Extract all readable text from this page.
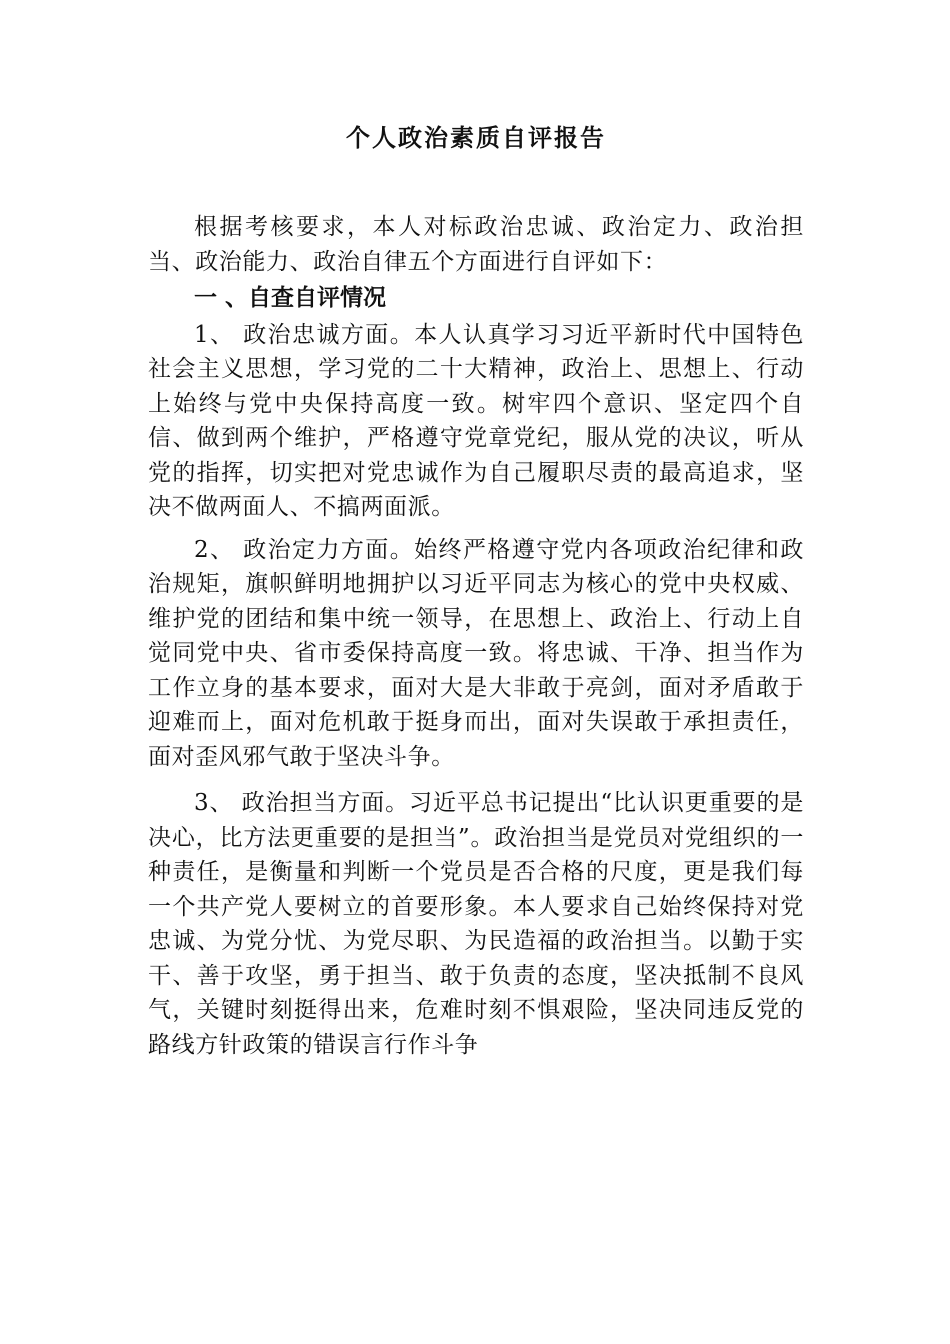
个人政治素质自评报告

根据考核要求，本人对标政治忠诚、政治定力、政治担当、政治能力、政治自律五个方面进行自评如下：

一 、自查自评情况

1、 政治忠诚方面。本人认真学习习近平新时代中国特色社会主义思想，学习党的二十大精神，政治上、思想上、行动上始终与党中央保持高度一致。树牢四个意识、坚定四个自信、做到两个维护，严格遵守党章党纪，服从党的决议，听从党的指挥，切实把对党忠诚作为自己履职尽责的最高追求，坚决不做两面人、不搞两面派。

2、 政治定力方面。始终严格遵守党内各项政治纪律和政治规矩，旗帜鲜明地拥护以习近平同志为核心的党中央权威、维护党的团结和集中统一领导，在思想上、政治上、行动上自觉同党中央、省市委保持高度一致。将忠诚、干净、担当作为工作立身的基本要求，面对大是大非敢于亮剑，面对矛盾敢于迎难而上，面对危机敢于挺身而出，面对失误敢于承担责任，面对歪风邪气敢于坚决斗争。

3、 政治担当方面。习近平总书记提出“比认识更重要的是决心，比方法更重要的是担当”。政治担当是党员对党组织的一种责任，是衡量和判断一个党员是否合格的尺度，更是我们每一个共产党人要树立的首要形象。本人要求自己始终保持对党忠诚、为党分忧、为党尽职、为民造福的政治担当。以勤于实干、善于攻坚，勇于担当、敢于负责的态度，坚决抵制不良风气，关键时刻挺得出来，危难时刻不惧艰险，坚决同违反党的路线方针政策的错误言行作斗争
